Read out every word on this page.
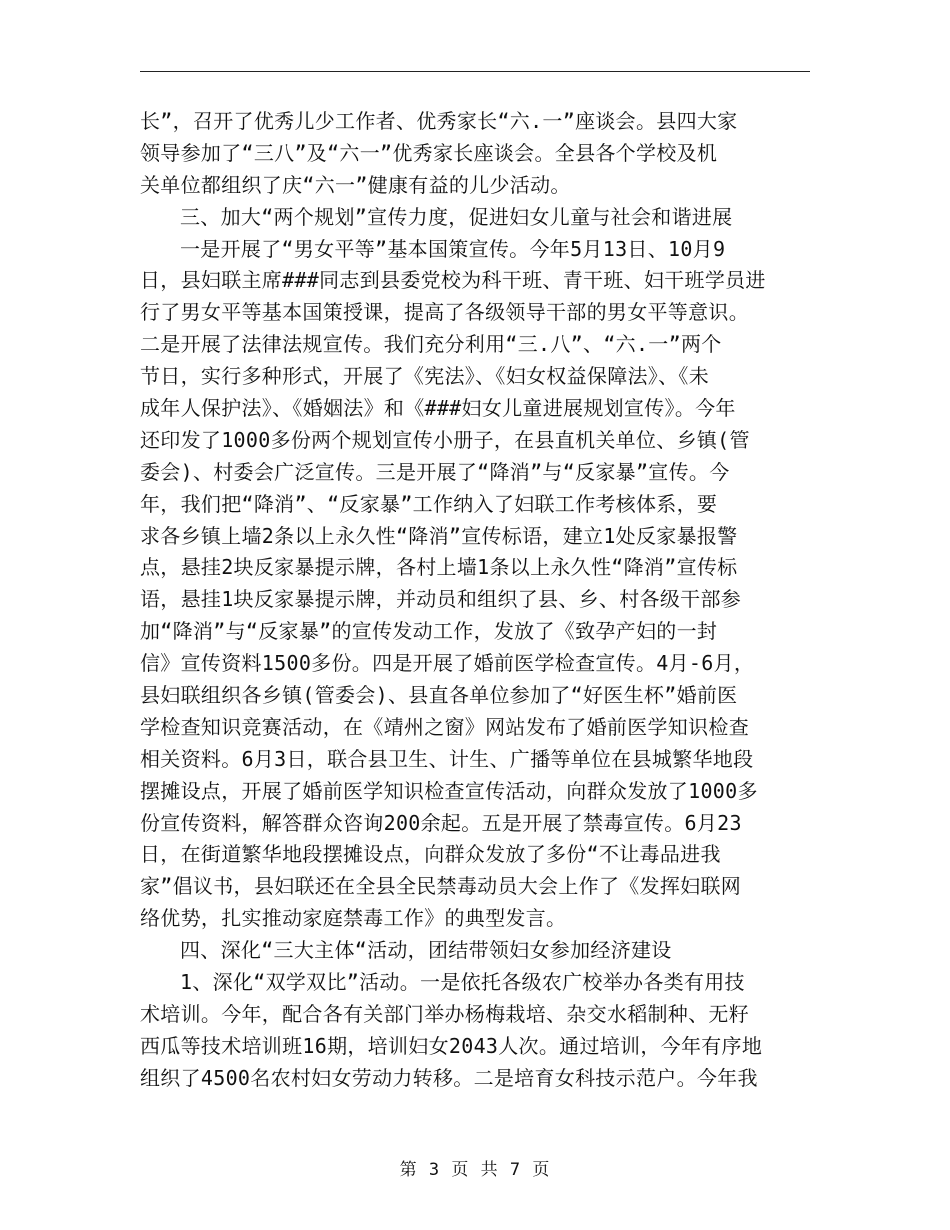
长”，召开了优秀儿少工作者、优秀家长“六.一”座谈会。县四大家
领导参加了“三八”及“六一”优秀家长座谈会。全县各个学校及机
关单位都组织了庆“六一”健康有益的儿少活动。
三、加大“两个规划”宣传力度，促进妇女儿童与社会和谐进展
一是开展了“男女平等”基本国策宣传。今年5月13日、10月9
日，县妇联主席###同志到县委党校为科干班、青干班、妇干班学员进
行了男女平等基本国策授课，提高了各级领导干部的男女平等意识。
二是开展了法律法规宣传。我们充分利用“三.八”、“六.一”两个
节日，实行多种形式，开展了《宪法》、《妇女权益保障法》、《未
成年人保护法》、《婚姻法》和《###妇女儿童进展规划宣传》。今年
还印发了1000多份两个规划宣传小册子，在县直机关单位、乡镇(管
委会)、村委会广泛宣传。三是开展了“降消”与“反家暴”宣传。今
年，我们把“降消”、“反家暴”工作纳入了妇联工作考核体系，要
求各乡镇上墙2条以上永久性“降消”宣传标语，建立1处反家暴报警
点，悬挂2块反家暴提示牌，各村上墙1条以上永久性“降消”宣传标
语，悬挂1块反家暴提示牌，并动员和组织了县、乡、村各级干部参
加“降消”与“反家暴”的宣传发动工作，发放了《致孕产妇的一封
信》宣传资料1500多份。四是开展了婚前医学检查宣传。4月-6月，
县妇联组织各乡镇(管委会)、县直各单位参加了“好医生杯”婚前医
学检查知识竞赛活动，在《靖州之窗》网站发布了婚前医学知识检查
相关资料。6月3日，联合县卫生、计生、广播等单位在县城繁华地段
摆摊设点，开展了婚前医学知识检查宣传活动，向群众发放了1000多
份宣传资料，解答群众咨询200余起。五是开展了禁毒宣传。6月23
日，在街道繁华地段摆摊设点，向群众发放了多份“不让毒品进我
家”倡议书，县妇联还在全县全民禁毒动员大会上作了《发挥妇联网
络优势，扎实推动家庭禁毒工作》的典型发言。
四、深化“三大主体“活动，团结带领妇女参加经济建设
1、深化“双学双比”活动。一是依托各级农广校举办各类有用技
术培训。今年，配合各有关部门举办杨梅栽培、杂交水稻制种、无籽
西瓜等技术培训班16期，培训妇女2043人次。通过培训，今年有序地
组织了4500名农村妇女劳动力转移。二是培育女科技示范户。今年我
第 3 页 共 7 页
